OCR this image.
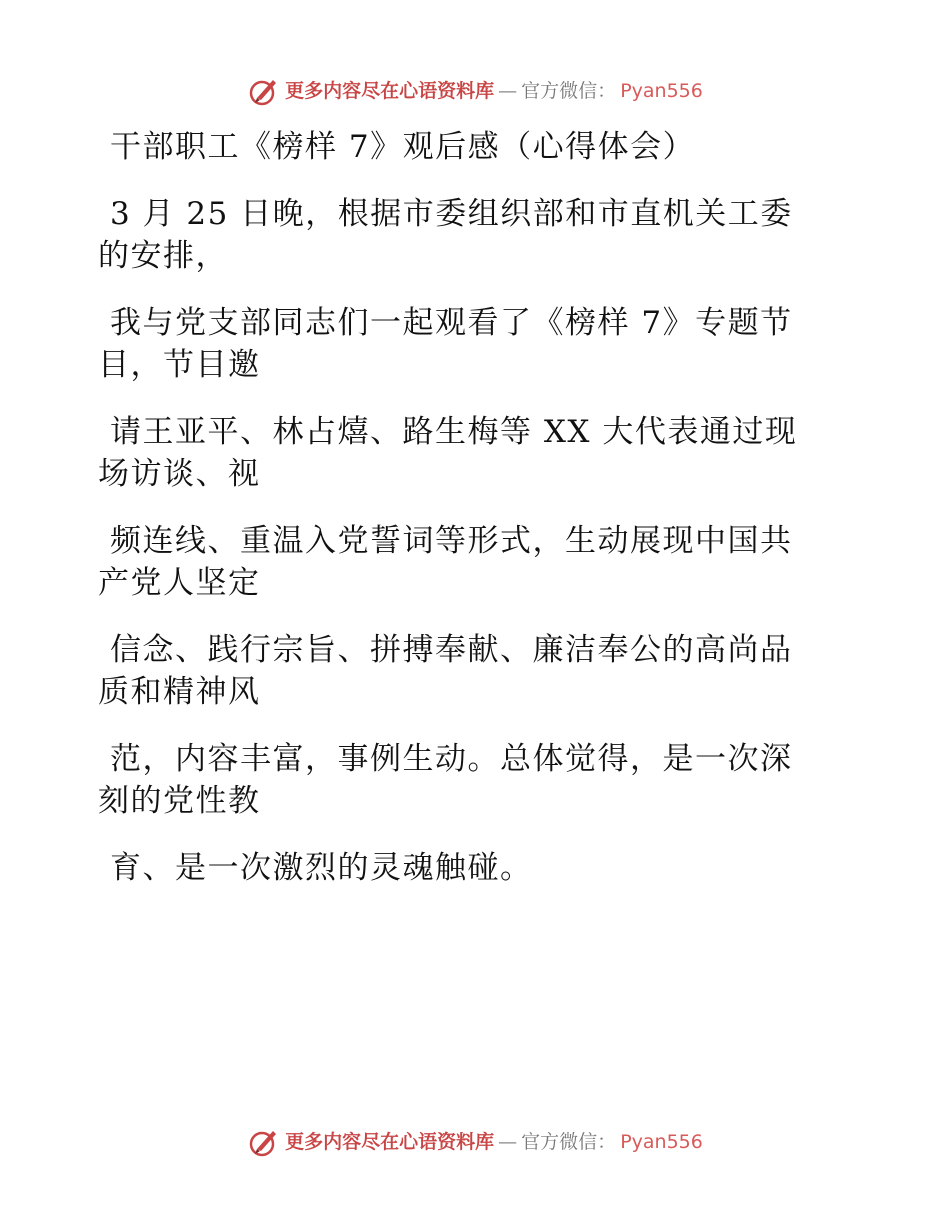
更多内容尽在心语资料库 — 官方微信： Pyan556
干部职工《榜样 7》观后感（心得体会）
3 月 25 日晚，根据市委组织部和市直机关工委
的安排，
我与党支部同志们一起观看了《榜样 7》专题节
目，节目邀
请王亚平、林占熺、路生梅等 XX 大代表通过现
场访谈、视
频连线、重温入党誓词等形式，生动展现中国共
产党人坚定
信念、践行宗旨、拼搏奉献、廉洁奉公的高尚品
质和精神风
范，内容丰富，事例生动。总体觉得，是一次深
刻的党性教
育、是一次激烈的灵魂触碰。
更多内容尽在心语资料库 — 官方微信： Pyan556
